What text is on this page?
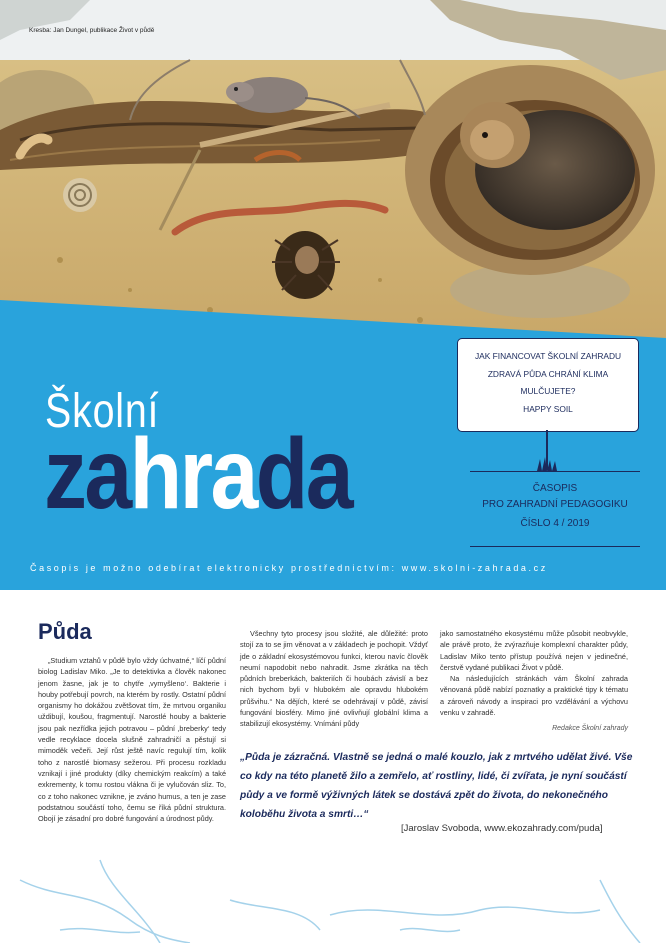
Kresba: Jan Dungel, publikace Život v půdě
Školní
zahrada
JAK FINANCOVAT ŠKOLNÍ ZAHRADU
ZDRAVÁ PŮDA CHRÁNÍ KLIMA
MULČUJETE?
HAPPY SOIL
ČASOPIS
PRO ZAHRADNÍ PEDAGOGIKU
ČÍSLO 4 / 2019
Časopis je možno odebírat elektronicky prostřednictvím: www.skolni-zahrada.cz
Půda

„Studium vztahů v půdě bylo vždy úchvatné,“ líčí půdní biolog Ladislav Miko. „Je to detektivka a člověk nakonec jenom žasne, jak je to chytře ‚vymyšleno‘. Bakterie i houby potřebují povrch, na kterém by rostly. Ostatní půdní organismy ho dokážou zvětšovat tím, že mrtvou organiku uždibují, koušou, fragmentují. Narostlé houby a bakterie jsou pak nezřídka jejich potravou – půdní ‚breberky‘ tedy vedle recyklace docela slušně zahradničí a pěstují si mimoděk večeři. Její růst ještě navíc regulují tím, kolik toho z narostlé biomasy sežerou. Při procesu rozkladu vznikají i jiné produkty (díky chemickým reakcím) a také exkrementy, k tomu rostou vlákna či je vylučován sliz. To, co z toho nakonec vznikne, je zváno humus, a ten je zase podstatnou součástí toho, čemu se říká půdní struktura. Obojí je zásadní pro dobré fungování a úrodnost půdy.

Všechny tyto procesy jsou složité, ale důležité: proto stojí za to se jim věnovat a v základech je pochopit. Vždyť jde o základní ekosystémovou funkci, kterou navíc člověk neumí napodobit nebo nahradit. Jsme zkrátka na těch půdních breberkách, bakteriích či houbách závislí a bez nich bychom byli v hlubokém ale opravdu hlubokém průšvihu.“ Na dějích, které se odehrávají v půdě, závisí fungování biosféry. Mimo jiné ovlivňují globální klima a stabilizují ekosystémy. Vnímání půdy

jako samostatného ekosystému může působit neobvykle, ale právě proto, že zvýrazňuje komplexní charakter půdy, Ladislav Miko tento přístup používá nejen v jedinečné, čerstvě vydané publikaci Život v půdě.

Na následujících stránkách vám Školní zahrada věnovaná půdě nabízí poznatky a praktické tipy k tématu a zároveň návody a inspiraci pro vzdělávání a výchovu venku v zahradě.

Redakce Školní zahrady
„Půda je zázračná. Vlastně se jedná o malé kouzlo, jak z mrtvého udělat živé. Vše co kdy na této planetě žilo a zemřelo, ať rostliny, lidé, či zvířata, je nyní součástí půdy a ve formě výživných látek se dostává zpět do života, do nekonečného koloběhu života a smrti…“
[Jaroslav Svoboda, www.ekozahrady.com/puda]
